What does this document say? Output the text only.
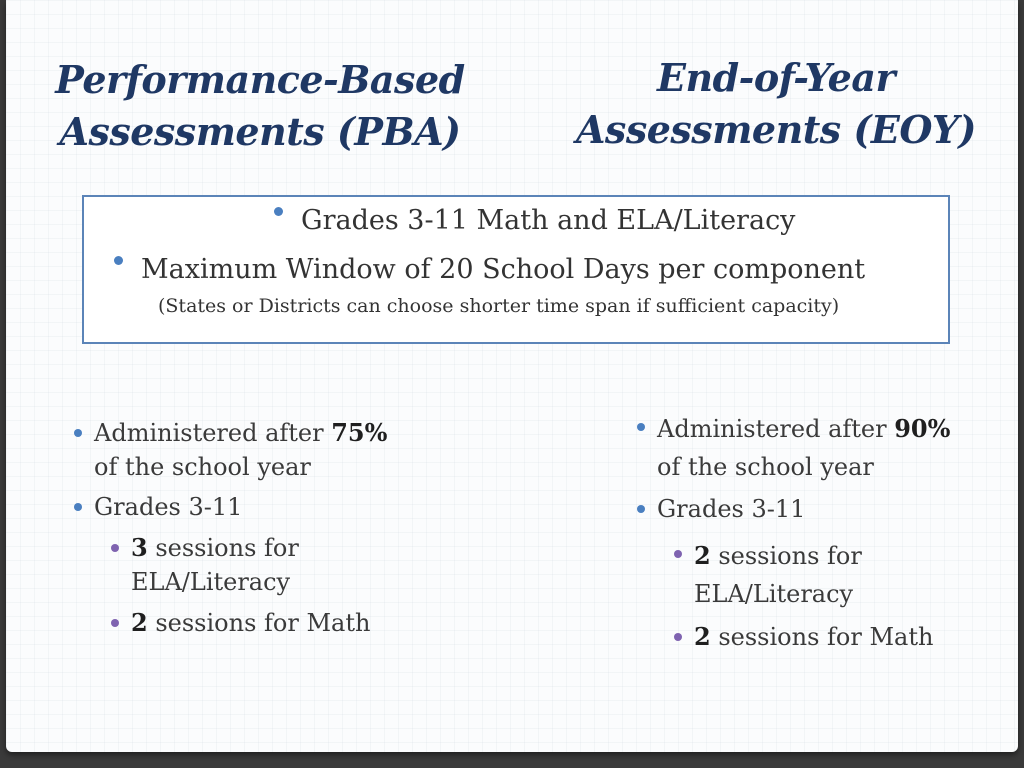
Performance-Based
Assessments (PBA)
End-of-Year
Assessments (EOY)
Grades 3-11 Math and ELA/Literacy
Maximum Window of 20 School Days per component
(States or Districts can choose shorter time span if sufficient capacity)
Administered after 75%
of the school year
Grades 3-11
3 sessions for ELA/Literacy
2 sessions for Math
Administered after 90%
of the school year
Grades 3-11
2 sessions for ELA/Literacy
2 sessions for Math
